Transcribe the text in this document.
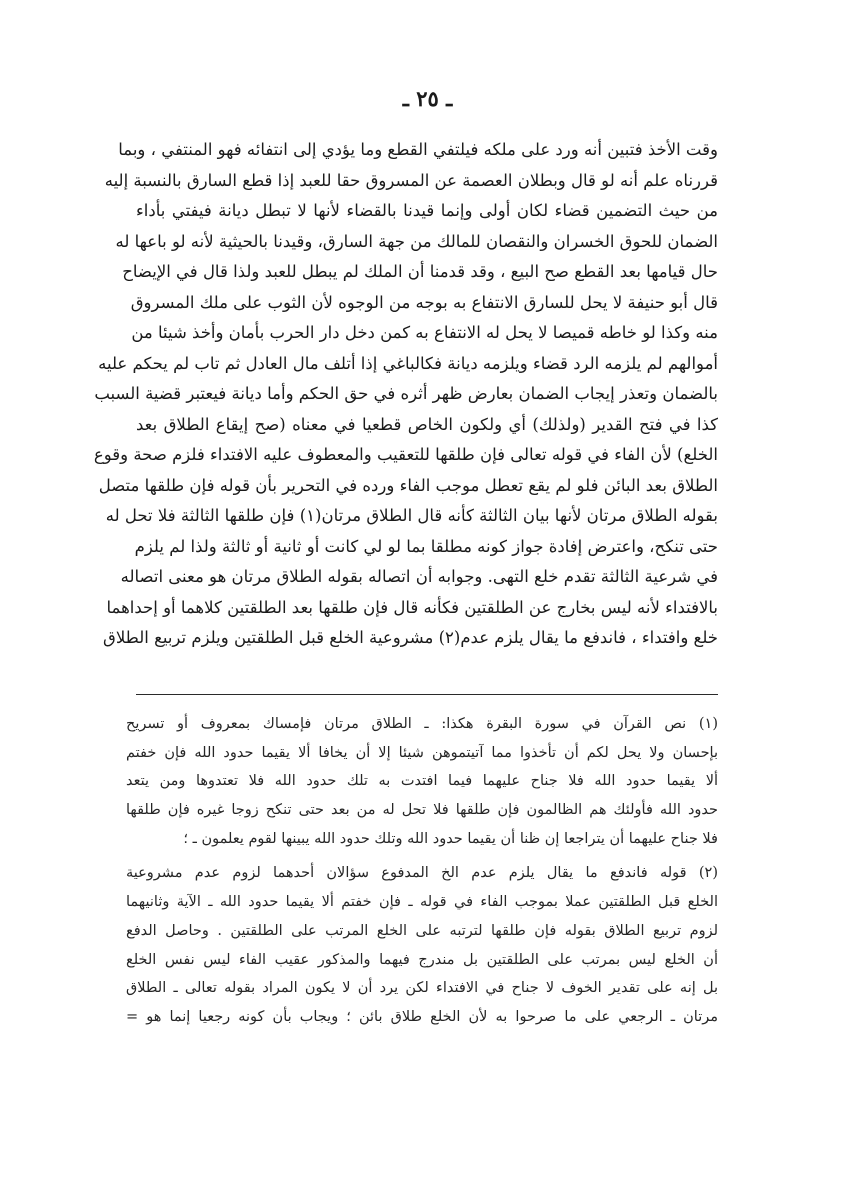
ـ ٢٥ ـ
وقت الأخذ فتبين أنه ورد على ملكه فيلتفي القطع وما يؤدي إلى انتفائه فهو المنتفي ، وبما
قررناه علم أنه لو قال وبطلان العصمة عن المسروق حقا للعبد إذا قطع السارق بالنسبة إليه
من حيث التضمين قضاء لكان أولى وإنما قيدنا بالقضاء لأنها لا تبطل ديانة فيفتي بأداء
الضمان للحوق الخسران والنقصان للمالك من جهة السارق، وقيدنا بالحيثية لأنه لو باعها له
حال قيامها بعد القطع صح البيع ، وقد قدمنا أن الملك لم يبطل للعبد ولذا قال في الإيضاح
قال أبو حنيفة لا يحل للسارق الانتفاع به بوجه من الوجوه لأن الثوب على ملك المسروق
منه وكذا لو خاطه قميصا لا يحل له الانتفاع به كمن دخل دار الحرب بأمان وأخذ شيئا من
أموالهم لم يلزمه الرد قضاء ويلزمه ديانة فكالباغي إذا أتلف مال العادل ثم تاب لم يحكم عليه
بالضمان وتعذر إيجاب الضمان بعارض ظهر أثره في حق الحكم وأما ديانة فيعتبر قضية السبب
كذا في فتح القدير (ولذلك) أي ولكون الخاص قطعيا في معناه (صح إيقاع الطلاق بعد
الخلع) لأن الفاء في قوله تعالى فإن طلقها للتعقيب والمعطوف عليه الافتداء فلزم صحة وقوع
الطلاق بعد البائن فلو لم يقع تعطل موجب الفاء ورده في التحرير بأن قوله فإن طلقها متصل
بقوله الطلاق مرتان لأنها بيان الثالثة كأنه قال الطلاق مرتان(١) فإن طلقها الثالثة فلا تحل له
حتى تنكح، واعترض إفادة جواز كونه مطلقا بما لو لي كانت أو ثانية أو ثالثة ولذا لم يلزم
في شرعية الثالثة تقدم خلع التهى. وجوابه أن اتصاله بقوله الطلاق مرتان هو معنى اتصاله
بالافتداء لأنه ليس بخارج عن الطلقتين فكأنه قال فإن طلقها بعد الطلقتين كلاهما أو إحداهما
خلع وافتداء ، فاندفع ما يقال يلزم عدم(٢) مشروعية الخلع قبل الطلقتين ويلزم تربيع الطلاق
(١) نص القرآن في سورة البقرة هكذا: ـ الطلاق مرتان فإمساك بمعروف أو تسريح
بإحسان ولا يحل لكم أن تأخذوا مما آتيتموهن شيئا إلا أن يخافا ألا يقيما حدود الله فإن خفتم
ألا يقيما حدود الله فلا جناح عليهما فيما افتدت به تلك حدود الله فلا تعتدوها ومن يتعد
حدود الله فأولئك هم الظالمون فإن طلقها فلا تحل له من بعد حتى تنكح زوجا غيره فإن طلقها
فلا جناح عليهما أن يتراجعا إن ظنا أن يقيما حدود الله وتلك حدود الله يبينها لقوم يعلمون ـ ؛
(٢) قوله فاندفع ما يقال يلزم عدم الخ المدفوع سؤالان أحدهما لزوم عدم مشروعية
الخلع قبل الطلقتين عملا بموجب الفاء في قوله ـ فإن خفتم ألا يقيما حدود الله ـ الآية وثانيهما
لزوم تربيع الطلاق بقوله فإن طلقها لترتبه على الخلع المرتب على الطلقتين . وحاصل الدفع
أن الخلع ليس بمرتب على الطلقتين بل مندرج فيهما والمذكور عقيب الفاء ليس نفس الخلع
بل إنه على تقدير الخوف لا جناح في الافتداء لكن يرد أن لا يكون المراد بقوله تعالى ـ الطلاق
مرتان ـ الرجعي على ما صرحوا به لأن الخلع طلاق بائن ؛ ويجاب بأن كونه رجعيا إنما هو =
